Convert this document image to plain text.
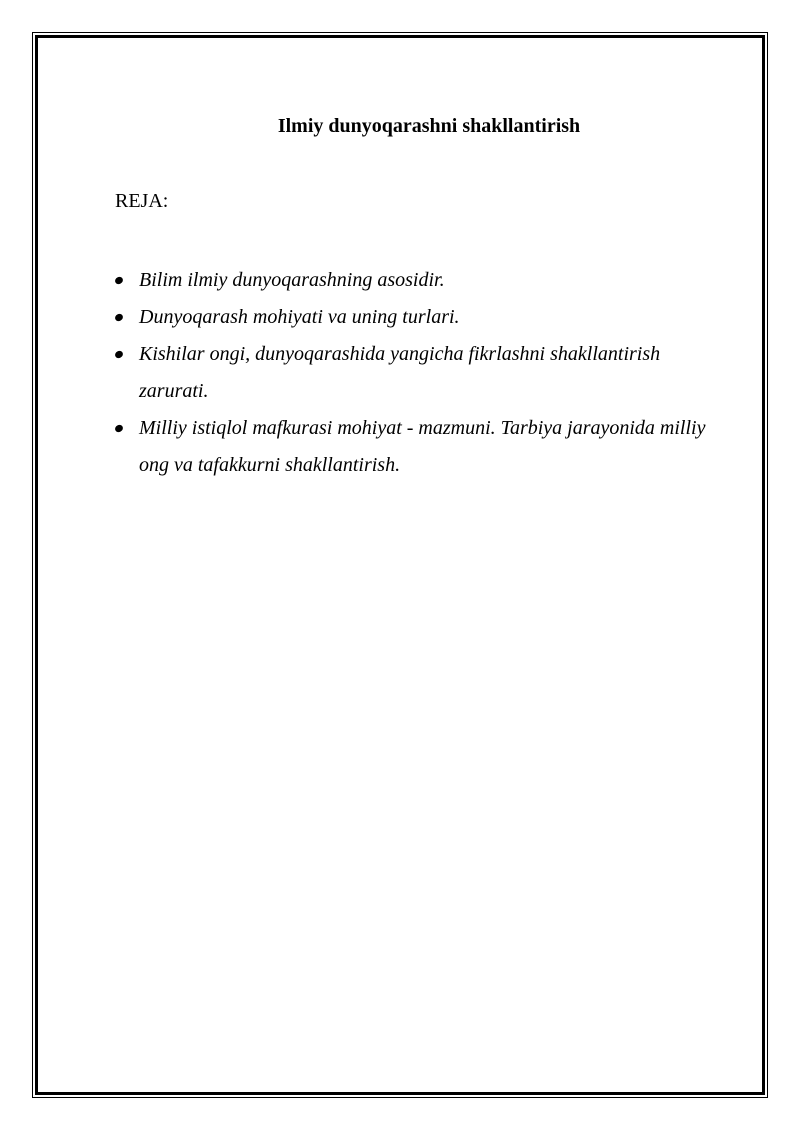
Ilmiy dunyoqarashni shakllantirish
REJA:
Bilim ilmiy dunyoqarashning asosidir.
Dunyoqarash mohiyati va uning turlari.
Kishilar ongi, dunyoqarashida yangicha fikrlashni shakllantirish zarurati.
Milliy istiqlol mafkurasi mohiyat - mazmuni. Tarbiya jarayonida milliy ong va tafakkurni shakllantirish.
